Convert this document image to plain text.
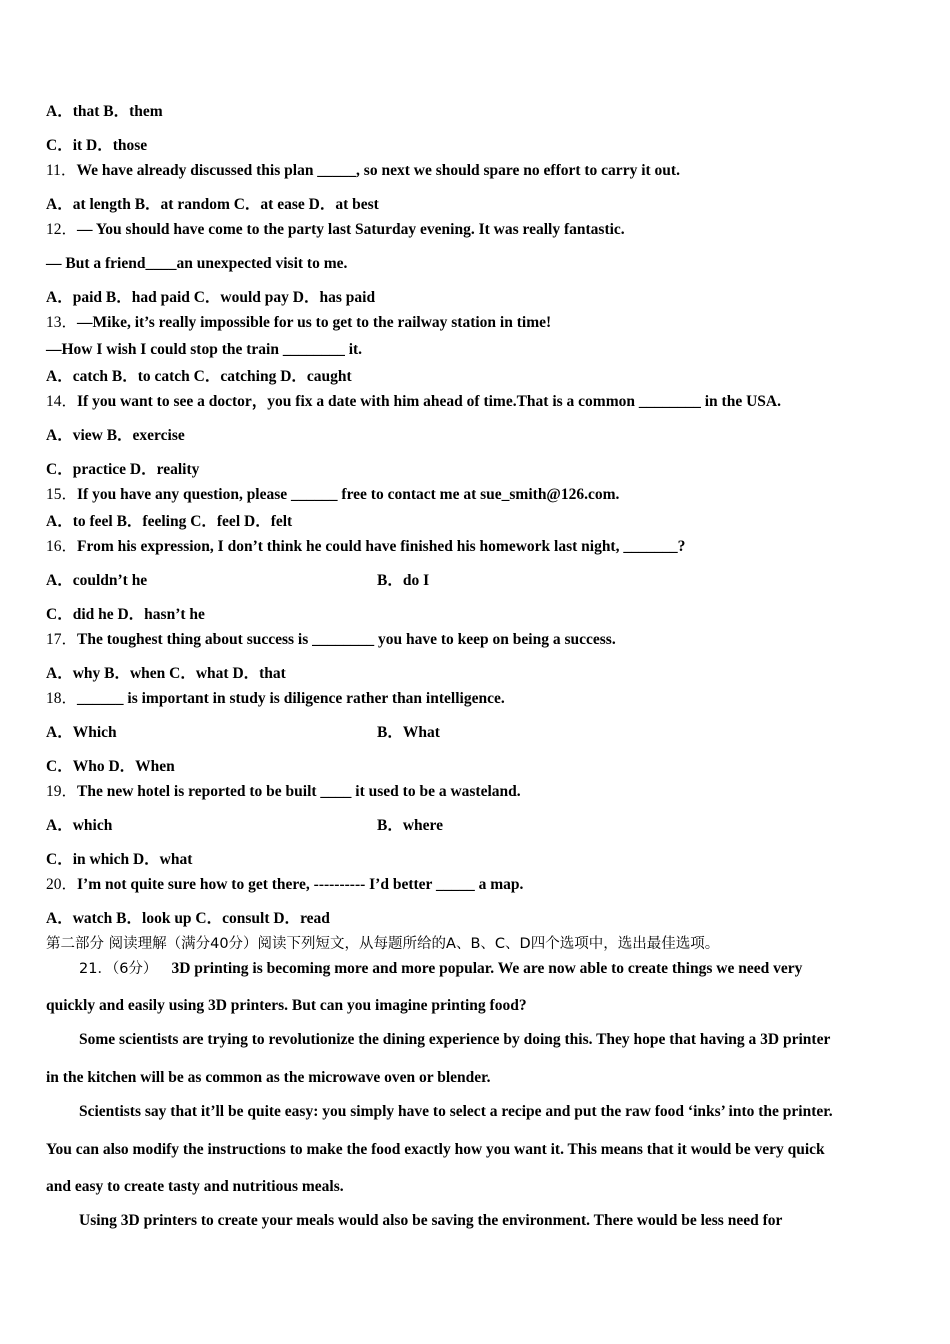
A．that B．them
C．it D．those
11．We have already discussed this plan _____, so next we should spare no effort to carry it out.
A．at length B．at random C．at ease D．at best
12．— You should have come to the party last Saturday evening. It was really fantastic.
— But a friend____an unexpected visit to me.
A．paid B．had paid C．would pay D．has paid
13．—Mike, it’s really impossible for us to get to the railway station in time!
—How I wish I could stop the train ________ it.
A．catch B．to catch C．catching D．caught
14．If you want to see a doctor，you fix a date with him ahead of time.That is a common ________ in the USA.
A．view B．exercise
C．practice D．reality
15．If you have any question, please ______ free to contact me at sue_smith@126.com.
A．to feel B．feeling C．feel D．felt
16．From his expression, I don’t think he could have finished his homework last night, _______?
A．couldn’t he	B．do I
C．did he D．hasn’t he
17．The toughest thing about success is ________ you have to keep on being a success.
A．why B．when C．what D．that
18．______ is important in study is diligence rather than intelligence.
A．Which	B．What
C．Who D．When
19．The new hotel is reported to be built ____ it used to be a wasteland.
A．which	B．where
C．in which D．what
20．I’m not quite sure how to get there, ---------- I’d better _____ a map.
A．watch B．look up C．consult D．read
第二部分 阅读理解（满分40分）阅读下列短文，从每题所给的A、B、C、D四个选项中，选出最佳选项。
21．（6分） 3D printing is becoming more and more popular. We are now able to create things we need very
quickly and easily using 3D printers. But can you imagine printing food?
Some scientists are trying to revolutionize the dining experience by doing this. They hope that having a 3D printer
in the kitchen will be as common as the microwave oven or blender.
Scientists say that it’ll be quite easy: you simply have to select a recipe and put the raw food ‘inks’ into the printer.
You can also modify the instructions to make the food exactly how you want it. This means that it would be very quick
and easy to create tasty and nutritious meals.
Using 3D printers to create your meals would also be saving the environment. There would be less need for
